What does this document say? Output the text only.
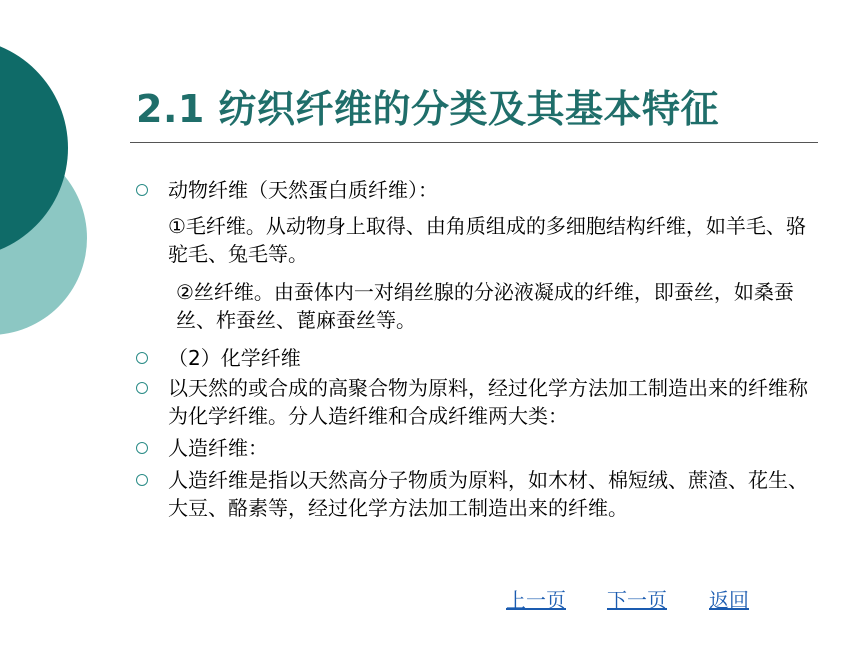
2.1 纺织纤维的分类及其基本特征
动物纤维（天然蛋白质纤维）：
①毛纤维。从动物身上取得、由角质组成的多细胞结构纤维，如羊毛、骆驼毛、兔毛等。
②丝纤维。由蚕体内一对绢丝腺的分泌液凝成的纤维，即蚕丝，如桑蚕丝、柞蚕丝、蓖麻蚕丝等。
（2）化学纤维
以天然的或合成的高聚合物为原料，经过化学方法加工制造出来的纤维称为化学纤维。分人造纤维和合成纤维两大类：
人造纤维：
人造纤维是指以天然高分子物质为原料，如木材、棉短绒、蔗渣、花生、大豆、酪素等，经过化学方法加工制造出来的纤维。
上一页 下一页 返回
